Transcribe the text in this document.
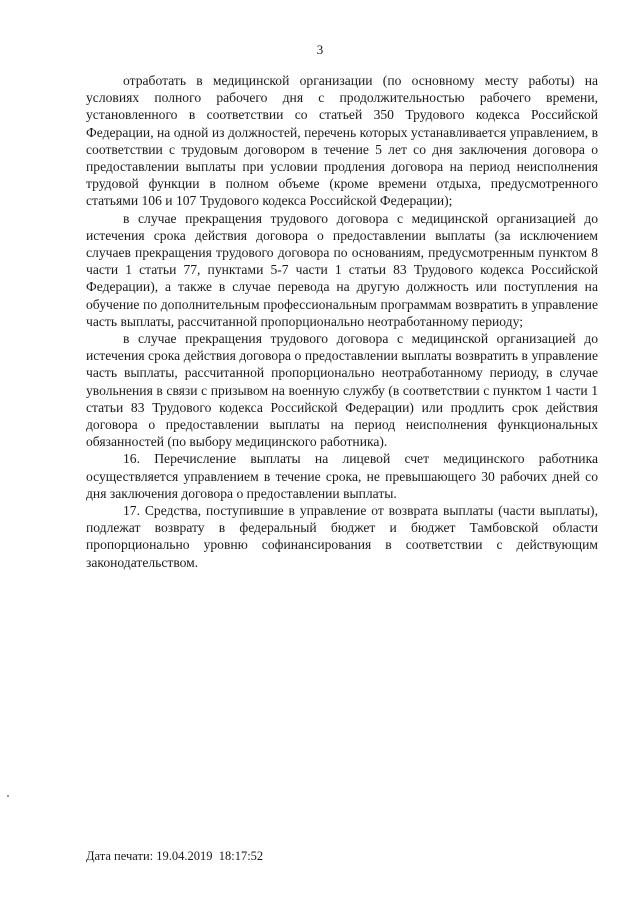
3

отработать в медицинской организации (по основному месту работы) на условиях полного рабочего дня с продолжительностью рабочего времени, установленного в соответствии со статьей 350 Трудового кодекса Российской Федерации, на одной из должностей, перечень которых устанавливается управлением, в соответствии с трудовым договором в течение 5 лет со дня заключения договора о предоставлении выплаты при условии продления договора на период неисполнения трудовой функции в полном объеме (кроме времени отдыха, предусмотренного статьями 106 и 107 Трудового кодекса Российской Федерации);

в случае прекращения трудового договора с медицинской организацией до истечения срока действия договора о предоставлении выплаты (за исключением случаев прекращения трудового договора по основаниям, предусмотренным пунктом 8 части 1 статьи 77, пунктами 5-7 части 1 статьи 83 Трудового кодекса Российской Федерации), а также в случае перевода на другую должность или поступления на обучение по дополнительным профессиональным программам возвратить в управление часть выплаты, рассчитанной пропорционально неотработанному периоду;

в случае прекращения трудового договора с медицинской организацией до истечения срока действия договора о предоставлении выплаты возвратить в управление часть выплаты, рассчитанной пропорционально неотработанному периоду, в случае увольнения в связи с призывом на военную службу (в соответствии с пунктом 1 части 1 статьи 83 Трудового кодекса Российской Федерации) или продлить срок действия договора о предоставлении выплаты на период неисполнения функциональных обязанностей (по выбору медицинского работника).

16. Перечисление выплаты на лицевой счет медицинского работника осуществляется управлением в течение срока, не превышающего 30 рабочих дней со дня заключения договора о предоставлении выплаты.

17. Средства, поступившие в управление от возврата выплаты (части выплаты), подлежат возврату в федеральный бюджет и бюджет Тамбовской области пропорционально уровню софинансирования в соответствии с действующим законодательством.

Дата печати: 19.04.2019  18:17:52
